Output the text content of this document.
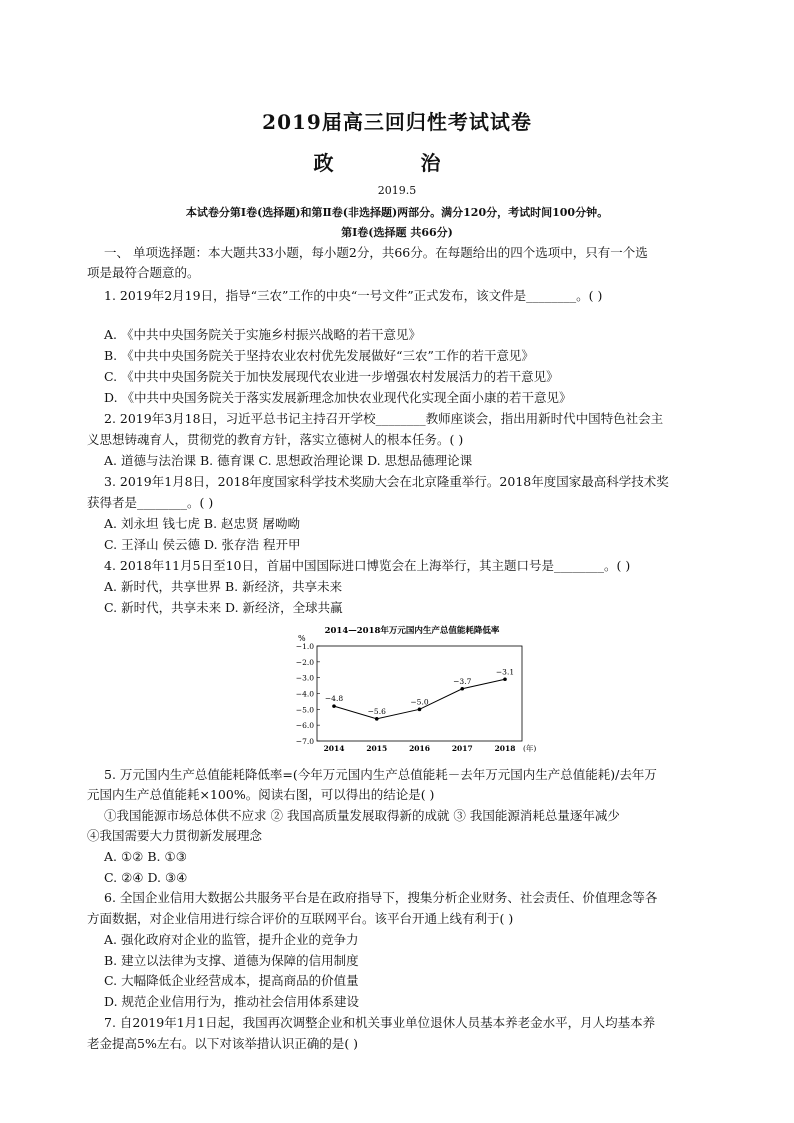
2019届高三回归性考试试卷
政 治
2019.5
本试卷分第Ⅰ卷(选择题)和第Ⅱ卷(非选择题)两部分。满分120分，考试时间100分钟。
第Ⅰ卷(选择题 共66分)
一、 单项选择题：本大题共33小题，每小题2分，共66分。在每题给出的四个选项中，只有一个选
项是最符合题意的。
1. 2019年2月19日，指导“三农”工作的中央“一号文件”正式发布，该文件是________。( )
A. 《中共中央国务院关于实施乡村振兴战略的若干意见》
B. 《中共中央国务院关于坚持农业农村优先发展做好“三农”工作的若干意见》
C. 《中共中央国务院关于加快发展现代农业进一步增强农村发展活力的若干意见》
D. 《中共中央国务院关于落实发展新理念加快农业现代化实现全面小康的若干意见》
2. 2019年3月18日，习近平总书记主持召开学校________教师座谈会，指出用新时代中国特色社会主
义思想铸魂育人，贯彻党的教育方针，落实立德树人的根本任务。( )
A. 道德与法治课 B. 德育课 C. 思想政治理论课 D. 思想品德理论课
3. 2019年1月8日，2018年度国家科学技术奖励大会在北京隆重举行。2018年度国家最高科学技术奖
获得者是________。( )
A. 刘永坦 钱七虎 B. 赵忠贤 屠呦呦
C. 王泽山 侯云德 D. 张存浩 程开甲
4. 2018年11月5日至10日，首届中国国际进口博览会在上海举行，其主题口号是________。( )
A. 新时代，共享世界 B. 新经济，共享未来
C. 新时代，共享未来 D. 新经济，全球共赢
2014—2018年万元国内生产总值能耗降低率
%
−1.0
−2.0
−3.0
−4.0
−5.0
−6.0
−7.0
2014	2015	2016	2017	2018 (年)
−4.8
−5.6
−5.0
−3.7
−3.1
5. 万元国内生产总值能耗降低率=(今年万元国内生产总值能耗－去年万元国内生产总值能耗)/去年万
元国内生产总值能耗×100%。阅读右图，可以得出的结论是( )
①我国能源市场总体供不应求 ② 我国高质量发展取得新的成就 ③ 我国能源消耗总量逐年减少
④我国需要大力贯彻新发展理念
A. ①② B. ①③
C. ②④ D. ③④
6. 全国企业信用大数据公共服务平台是在政府指导下，搜集分析企业财务、社会责任、价值理念等各
方面数据，对企业信用进行综合评价的互联网平台。该平台开通上线有利于( )
A. 强化政府对企业的监管，提升企业的竞争力
B. 建立以法律为支撑、道德为保障的信用制度
C. 大幅降低企业经营成本，提高商品的价值量
D. 规范企业信用行为，推动社会信用体系建设
7. 自2019年1月1日起，我国再次调整企业和机关事业单位退休人员基本养老金水平，月人均基本养
老金提高5%左右。以下对该举措认识正确的是( )
